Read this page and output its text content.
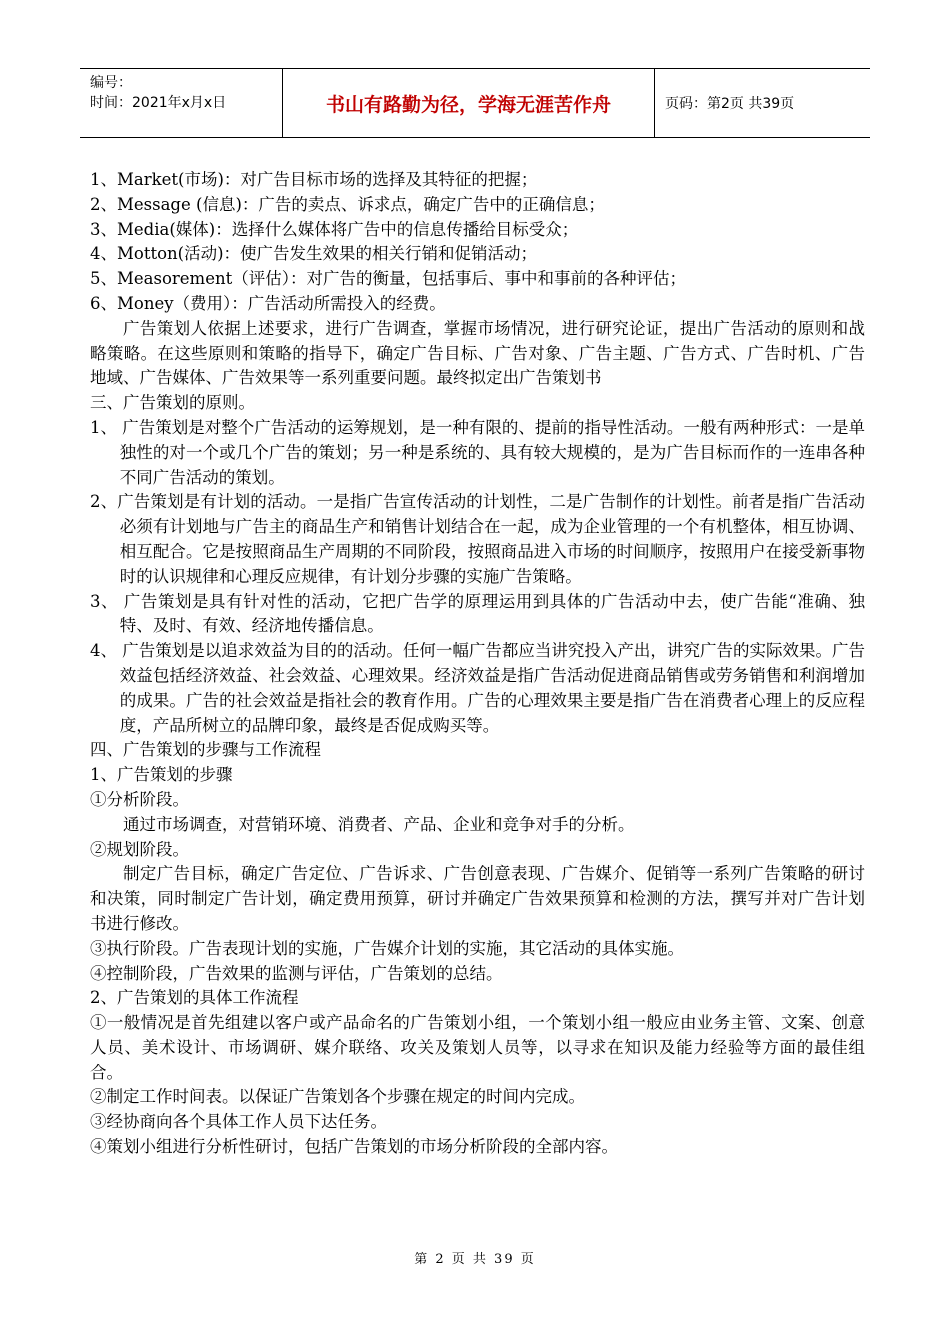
编号：
时间：2021年x月x日	书山有路勤为径，学海无涯苦作舟	页码：第2页 共39页

1、Market(市场)：对广告目标市场的选择及其特征的把握；

2、Message (信息)：广告的卖点、诉求点，确定广告中的正确信息；

3、Media(媒体)：选择什么媒体将广告中的信息传播给目标受众；

4、Motton(活动)：使广告发生效果的相关行销和促销活动；

5、Measorement（评估）：对广告的衡量，包括事后、事中和事前的各种评估；

6、Money（费用）：广告活动所需投入的经费。

广告策划人依据上述要求，进行广告调查，掌握市场情况，进行研究论证，提出广告活动的原则和战略策略。在这些原则和策略的指导下，确定广告目标、广告对象、广告主题、广告方式、广告时机、广告地域、广告媒体、广告效果等一系列重要问题。最终拟定出广告策划书

三、广告策划的原则。

1、 广告策划是对整个广告活动的运筹规划，是一种有限的、提前的指导性活动。一般有两种形式：一是单独性的对一个或几个广告的策划；另一种是系统的、具有较大规模的，是为广告目标而作的一连串各种不同广告活动的策划。

2、广告策划是有计划的活动。一是指广告宣传活动的计划性，二是广告制作的计划性。前者是指广告活动必须有计划地与广告主的商品生产和销售计划结合在一起，成为企业管理的一个有机整体，相互协调、相互配合。它是按照商品生产周期的不同阶段，按照商品进入市场的时间顺序，按照用户在接受新事物时的认识规律和心理反应规律，有计划分步骤的实施广告策略。

3、 广告策划是具有针对性的活动，它把广告学的原理运用到具体的广告活动中去，使广告能“准确、独特、及时、有效、经济地传播信息。

4、 广告策划是以追求效益为目的的活动。任何一幅广告都应当讲究投入产出，讲究广告的实际效果。广告效益包括经济效益、社会效益、心理效果。经济效益是指广告活动促进商品销售或劳务销售和利润增加的成果。广告的社会效益是指社会的教育作用。广告的心理效果主要是指广告在消费者心理上的反应程度，产品所树立的品牌印象，最终是否促成购买等。

四、广告策划的步骤与工作流程

1、广告策划的步骤

①分析阶段。

通过市场调查，对营销环境、消费者、产品、企业和竞争对手的分析。

②规划阶段。

制定广告目标，确定广告定位、广告诉求、广告创意表现、广告媒介、促销等一系列广告策略的研讨和决策，同时制定广告计划，确定费用预算，研讨并确定广告效果预算和检测的方法，撰写并对广告计划书进行修改。

③执行阶段。广告表现计划的实施，广告媒介计划的实施，其它活动的具体实施。

④控制阶段，广告效果的监测与评估，广告策划的总结。

2、广告策划的具体工作流程

①一般情况是首先组建以客户或产品命名的广告策划小组，一个策划小组一般应由业务主管、文案、创意人员、美术设计、市场调研、媒介联络、攻关及策划人员等，以寻求在知识及能力经验等方面的最佳组合。

②制定工作时间表。以保证广告策划各个步骤在规定的时间内完成。

③经协商向各个具体工作人员下达任务。

④策划小组进行分析性研讨，包括广告策划的市场分析阶段的全部内容。

第 2 页 共 39 页
